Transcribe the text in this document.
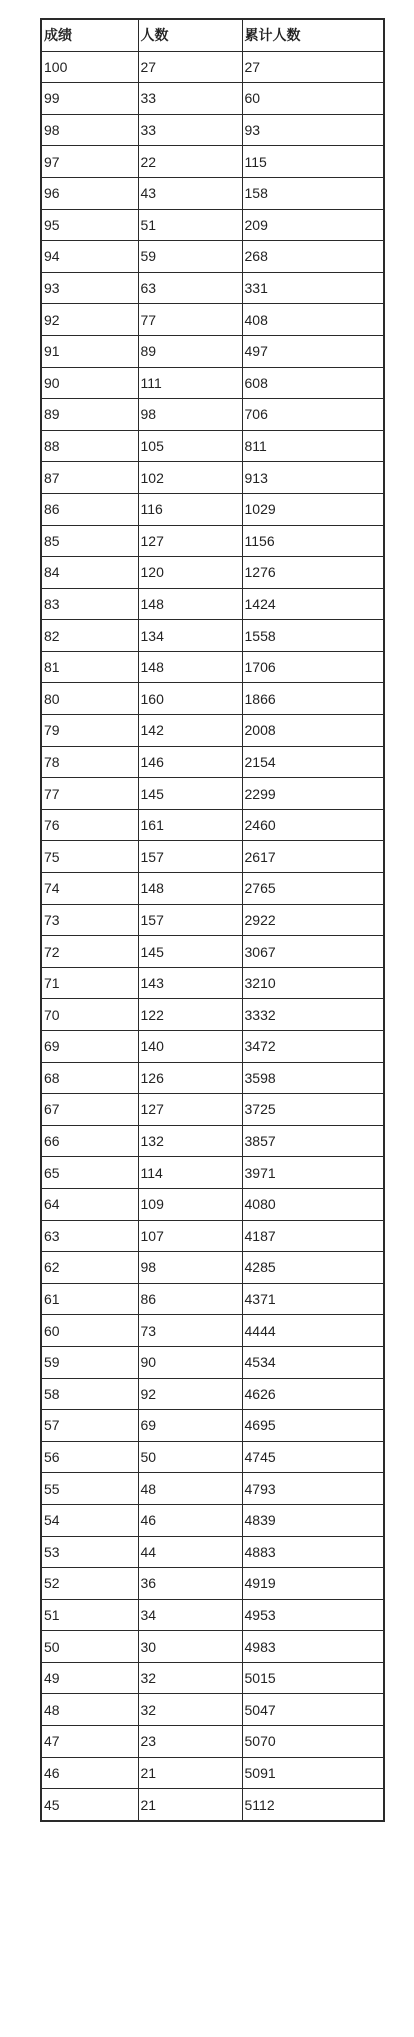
成绩	人数	累计人数
100	27	27
99	33	60
98	33	93
97	22	115
96	43	158
95	51	209
94	59	268
93	63	331
92	77	408
91	89	497
90	111	608
89	98	706
88	105	811
87	102	913
86	116	1029
85	127	1156
84	120	1276
83	148	1424
82	134	1558
81	148	1706
80	160	1866
79	142	2008
78	146	2154
77	145	2299
76	161	2460
75	157	2617
74	148	2765
73	157	2922
72	145	3067
71	143	3210
70	122	3332
69	140	3472
68	126	3598
67	127	3725
66	132	3857
65	114	3971
64	109	4080
63	107	4187
62	98	4285
61	86	4371
60	73	4444
59	90	4534
58	92	4626
57	69	4695
56	50	4745
55	48	4793
54	46	4839
53	44	4883
52	36	4919
51	34	4953
50	30	4983
49	32	5015
48	32	5047
47	23	5070
46	21	5091
45	21	5112
